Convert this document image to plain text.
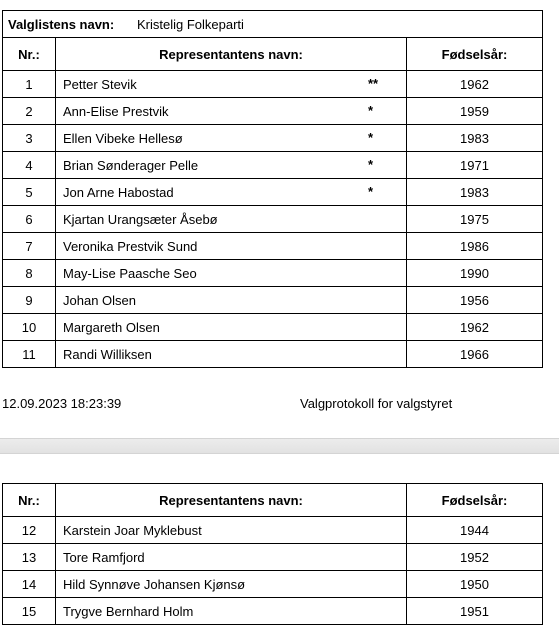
Valglistens navn: Kristelig Folkeparti
Nr.:	Representantens navn:	Fødselsår:
1	Petter Stevik **	1962
2	Ann-Elise Prestvik *	1959
3	Ellen Vibeke Hellesø *	1983
4	Brian Sønderager Pelle *	1971
5	Jon Arne Habostad *	1983
6	Kjartan Urangsæter Åsebø	1975
7	Veronika Prestvik Sund	1986
8	May-Lise Paasche Seo	1990
9	Johan Olsen	1956
10	Margareth Olsen	1962
11	Randi Williksen	1966
12.09.2023 18:23:39	Valgprotokoll for valgstyret
Nr.:	Representantens navn:	Fødselsår:
12	Karstein Joar Myklebust	1944
13	Tore Ramfjord	1952
14	Hild Synnøve Johansen Kjønsø	1950
15	Trygve Bernhard Holm	1951
